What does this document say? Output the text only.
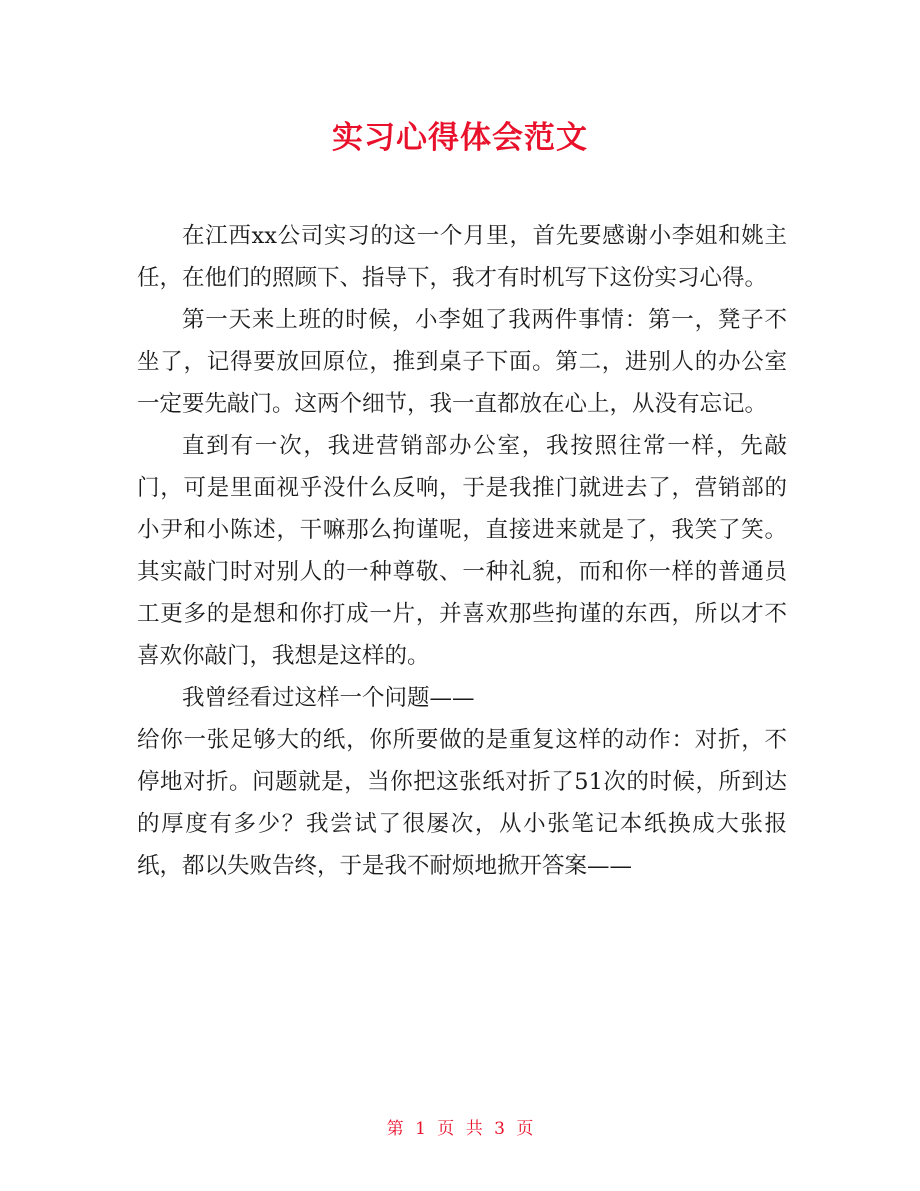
实习心得体会范文

在江西xx公司实习的这一个月里，首先要感谢小李姐和姚主任，在他们的照顾下、指导下，我才有时机写下这份实习心得。

第一天来上班的时候，小李姐了我两件事情：第一，凳子不坐了，记得要放回原位，推到桌子下面。第二，进别人的办公室一定要先敲门。这两个细节，我一直都放在心上，从没有忘记。

直到有一次，我进营销部办公室，我按照往常一样，先敲门，可是里面视乎没什么反响，于是我推门就进去了，营销部的小尹和小陈述，干嘛那么拘谨呢，直接进来就是了，我笑了笑。其实敲门时对别人的一种尊敬、一种礼貌，而和你一样的普通员工更多的是想和你打成一片，并喜欢那些拘谨的东西，所以才不喜欢你敲门，我想是这样的。

我曾经看过这样一个问题——

给你一张足够大的纸，你所要做的是重复这样的动作：对折，不停地对折。问题就是，当你把这张纸对折了51次的时候，所到达的厚度有多少？我尝试了很屡次，从小张笔记本纸换成大张报纸，都以失败告终，于是我不耐烦地掀开答案——

第 1 页 共 3 页
